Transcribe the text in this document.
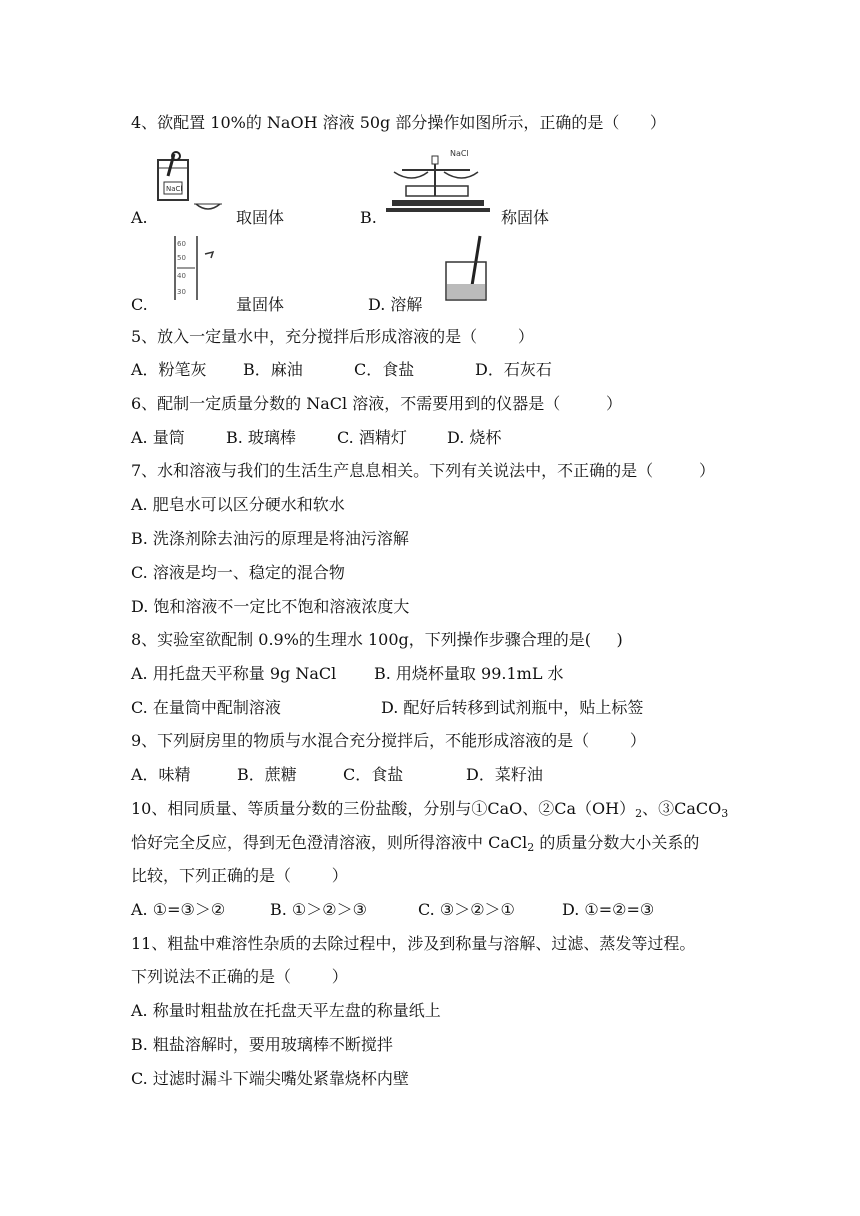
4、欲配置 10%的 NaOH 溶液 50g 部分操作如图所示，正确的是（      ）
NaCl
A.	取固体
NaCl
B.	称固体
60
50
40
30
C.	量固体	D. 溶解
5、放入一定量水中，充分搅拌后形成溶液的是（        ）
A．粉笔灰 B．麻油	C．食盐	D．石灰石
6、配制一定质量分数的 NaCl 溶液，不需要用到的仪器是（         ）
A. 量筒	B. 玻璃棒	C. 酒精灯	D. 烧杯
7、水和溶液与我们的生活生产息息相关。下列有关说法中，不正确的是（         ）
A. 肥皂水可以区分硬水和软水
B. 洗涤剂除去油污的原理是将油污溶解
C. 溶液是均一、稳定的混合物
D. 饱和溶液不一定比不饱和溶液浓度大
8、实验室欲配制 0.9%的生理水 100g，下列操作步骤合理的是(     )
A. 用托盘天平称量 9g NaCl B. 用烧杯量取 99.1mL 水
C. 在量筒中配制溶液	D. 配好后转移到试剂瓶中，贴上标签
9、下列厨房里的物质与水混合充分搅拌后，不能形成溶液的是（        ）
A．味精	B．蔗糖	C．食盐	D．菜籽油
10、相同质量、等质量分数的三份盐酸，分别与①CaO、$②Ca(OH)_2$、③CaCO$_3$
恰好完全反应，得到无色澄清溶液，则所得溶液中 CaCl$_2$ 的质量分数大小关系的
比较，下列正确的是（        ）
A. ①=③＞②	B. ①＞②＞③	C. ③＞②＞①	D. ①=②=③
11、粗盐中难溶性杂质的去除过程中，涉及到称量与溶解、过滤、蒸发等过程。
下列说法不正确的是（        ）
A. 称量时粗盐放在托盘天平左盘的称量纸上
B. 粗盐溶解时，要用玻璃棒不断搅拌
C. 过滤时漏斗下端尖嘴处紧靠烧杯内壁
